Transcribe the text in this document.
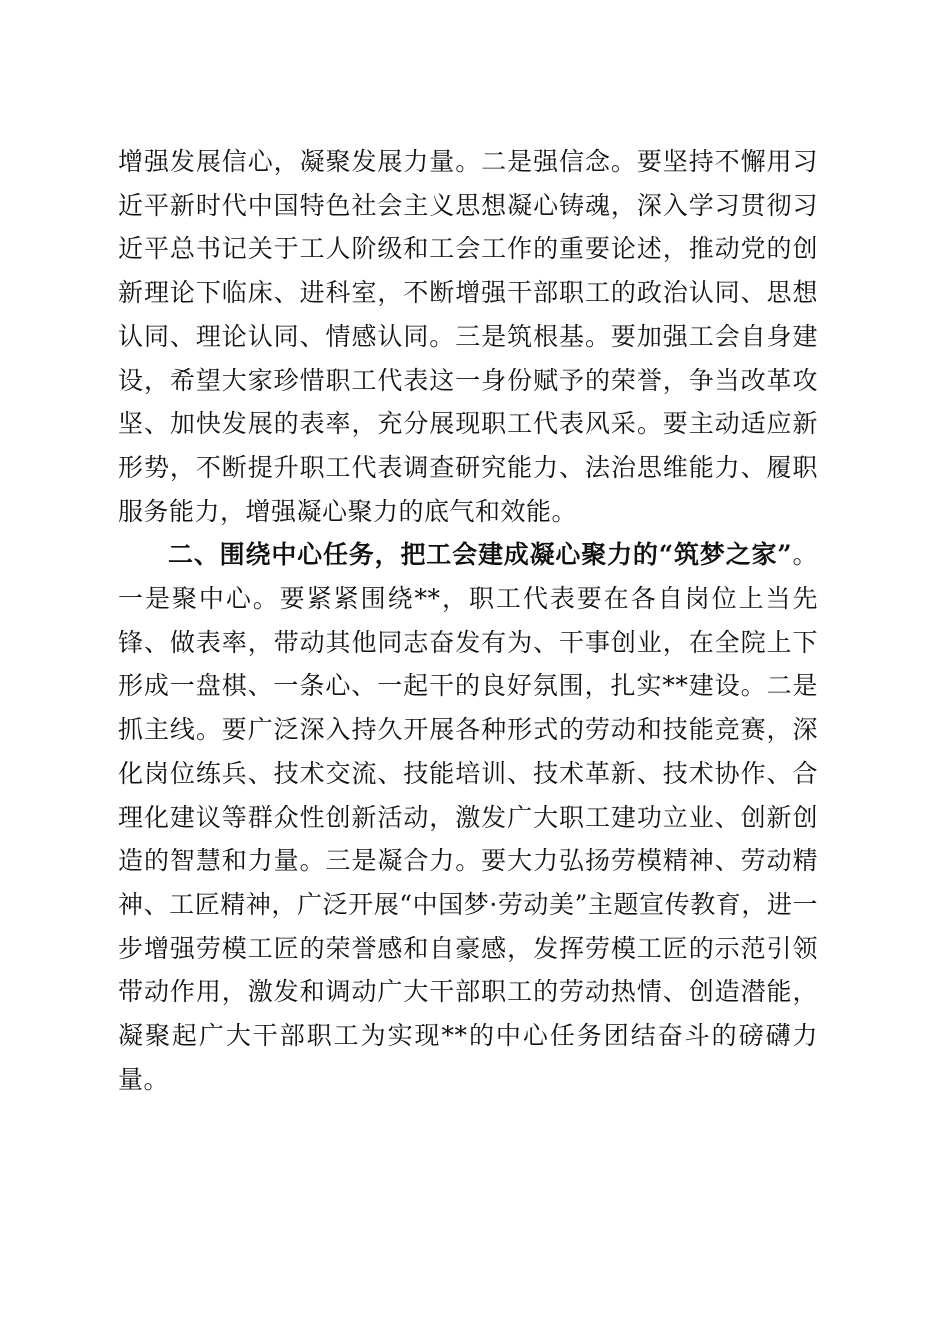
增强发展信心，凝聚发展力量。二是强信念。要坚持不懈用习近平新时代中国特色社会主义思想凝心铸魂，深入学习贯彻习近平总书记关于工人阶级和工会工作的重要论述，推动党的创新理论下临床、进科室，不断增强干部职工的政治认同、思想认同、理论认同、情感认同。三是筑根基。要加强工会自身建设，希望大家珍惜职工代表这一身份赋予的荣誉，争当改革攻坚、加快发展的表率，充分展现职工代表风采。要主动适应新形势，不断提升职工代表调查研究能力、法治思维能力、履职服务能力，增强凝心聚力的底气和效能。

二、围绕中心任务，把工会建成凝心聚力的“筑梦之家”。一是聚中心。要紧紧围绕**，职工代表要在各自岗位上当先锋、做表率，带动其他同志奋发有为、干事创业，在全院上下形成一盘棋、一条心、一起干的良好氛围，扎实**建设。二是抓主线。要广泛深入持久开展各种形式的劳动和技能竞赛，深化岗位练兵、技术交流、技能培训、技术革新、技术协作、合理化建议等群众性创新活动，激发广大职工建功立业、创新创造的智慧和力量。三是凝合力。要大力弘扬劳模精神、劳动精神、工匠精神，广泛开展“中国梦·劳动美”主题宣传教育，进一步增强劳模工匠的荣誉感和自豪感，发挥劳模工匠的示范引领带动作用，激发和调动广大干部职工的劳动热情、创造潜能，凝聚起广大干部职工为实现**的中心任务团结奋斗的磅礴力量。
